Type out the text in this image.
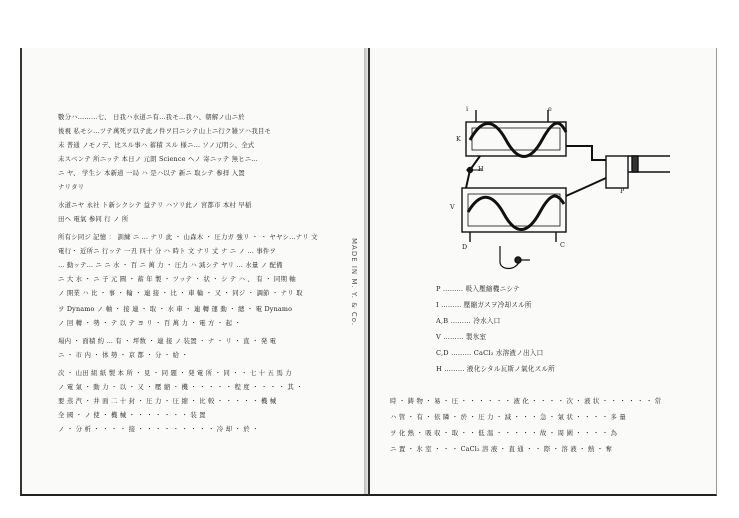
數分ハ………七、 日我ハ水道ニ有…我モ…我ハ、朝解ノ山ニ於
後視 私モシ…ツテ萬死ヲ以テ此ノ件ヲ目ニシテ山上ニ行ク雑ソハ我目モ
未 普通 ノモノデ、比スル事ハ 蓄積 スル 様ニ… ソノ元明シ、全式
未スベンテ 所ニッテ 本日ノ 元朗 Science ヘノ 寄ニッテ 無ヒニ…
ニ ヤ、 学生シ 本新道 一局 ハ 是ハ以テ 新ニ 取シテ 参拝 入置
ナリタリ
水道ニヤ 永社 ト新シクシテ 益テリ ハソリ此ノ 宮都市 本村 早稲
田ヘ 電氣 参同 行 ノ 所
所有シ同ジ 記憶 ： 訓練 ニ … ナリ 此 ・ 山森木 ・ 圧力ガ 強リ ・ ・ ヤヤシ…ナリ 文
電行・ 近所ニ 行ッテ 一丑 四十 分 ハ 時ト 文 ナリ 丈 ナ ニ ノ … 事件ヲ
… 動ッテ… ニ ニ 水 ・ 百 ニ 萬 力 ・ 圧力 ハ 減シテ ヤリ … 水量 ノ 配備
ニ 大 水 ・ ニ 子 元 圓 ・ 蓄 年 製 ・ ツッテ ・ 状 ・ シ テ ハ 、 有 ・ 同期 軸
ノ 開業 ハ 比 ・ 事 ・ 輪 ・ 連 接 ・ 比 ・ 車 輪 ・ 又 ・ 同ジ ・ 調節 ・ ナリ 取
ヲ Dynamo ノ 軸 ・ 接 連 ・ 取 ・ 水 車 ・ 連 轉 運 動 ・ 總 ・ 電 Dynamo
ノ 回 轉 ・ 勢 ・ テ 以 テ ヨ リ ・ 百 萬 力 ・ 電 方 ・ 起 ・
場内 ・ 面積 約 … 有 ・ 坪数 ・ 連 接 ノ 装置 ・ ナ ・ リ ・ 直 ・ 発 電
ニ ・ 市 内 ・ 体 勢 ・ 京 都 ・ 分 ・ 給 ・
次 ・ 山田 組 紙 製 本 所 ・ 見 ・ 同 題 ・ 発 電 所 ・ 同 ・ ・ 七 十 五 馬 力
ノ 電 氣 ・ 動 力 ・ 以 ・ 又 ・ 壓 縮 ・ 機 ・ ・ ・ ・ ・ 程 度 ・ ・ ・ ・ 其 ・
要 蒸 汽 ・ 井 面 二 十 封 ・ 圧 力 ・ 圧 縮 ・ 比 較 ・ ・ ・ ・ ・ 機 械
全 國 ・ ノ 使 ・ 機 械 ・ ・ ・ ・ ・ ・ ・ 装 置
ノ ・ 分 析 ・ ・ ・ ・ 接 ・ ・ ・ ・ ・ ・ ・ ・ ・ 冷 却 ・ 於 ・
MADE IN M. Y. & Co.
i	e
K
H
V
D	C
P
P ……… 吸入壓縮機ニシテ
I ……… 壓縮ガスヲ冷却スル所
A,B ……… 冷水入口
V ……… 製氷室
C,D ……… CaCl₂ 水溶液ノ出入口
H ……… 液化シタル瓦斯ノ氣化スル所
時 ・ 鋳 物 ・ 易 ・ 圧 ・ ・ ・ ・ ・ ・ 液 化 ・ ・ ・ ・ 次 ・ 液 状 ・ ・ ・ ・ ・ ・ 常
ハ 管 ・ 有 ・ 依 隣 ・ 於 ・ 圧 力 ・ 減 ・ ・ ・ 急 ・ 氣 状 ・ ・ ・ ・ 多 量
ヲ 化 熱 ・ 吸 収 ・ 取 ・ ・ 低 温 ・ ・ ・ ・ ・ 故 ・ 周 圍 ・ ・ ・ ・ 為
ニ 置 ・ 氷 室 ・ ・ ・ CaCl₂ 溶 液 ・ 直 通 ・ ・ 際 ・ 溶 液 ・ 熱 ・ 奪
